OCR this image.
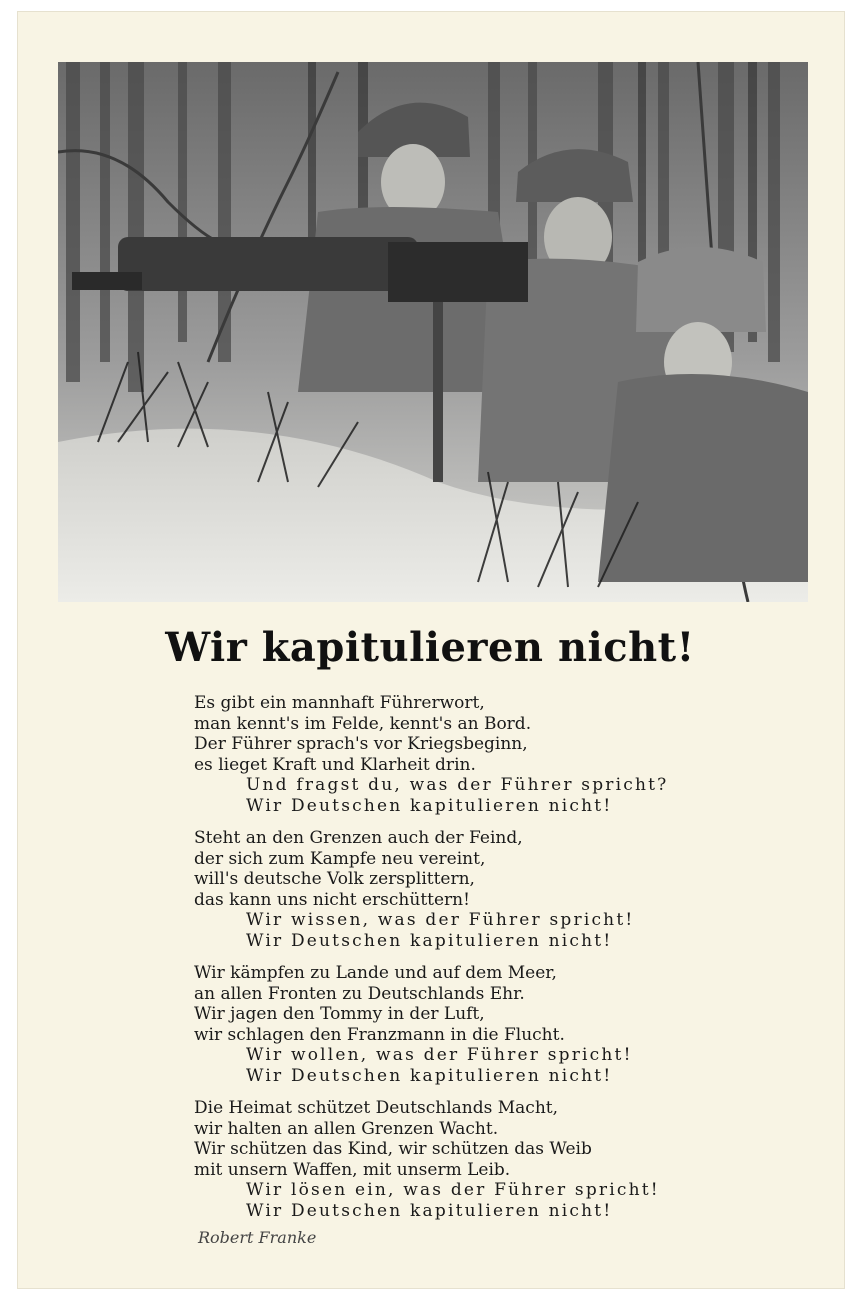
Wir kapitulieren nicht!
Es gibt ein mannhaft Führerwort,
man kennt's im Felde, kennt's an Bord.
Der Führer sprach's vor Kriegsbeginn,
es lieget Kraft und Klarheit drin.
Und fragst du, was der Führer spricht?
Wir Deutschen kapitulieren nicht!
Steht an den Grenzen auch der Feind,
der sich zum Kampfe neu vereint,
will's deutsche Volk zersplittern,
das kann uns nicht erschüttern!
Wir wissen, was der Führer spricht!
Wir Deutschen kapitulieren nicht!
Wir kämpfen zu Lande und auf dem Meer,
an allen Fronten zu Deutschlands Ehr.
Wir jagen den Tommy in der Luft,
wir schlagen den Franzmann in die Flucht.
Wir wollen, was der Führer spricht!
Wir Deutschen kapitulieren nicht!
Die Heimat schützet Deutschlands Macht,
wir halten an allen Grenzen Wacht.
Wir schützen das Kind, wir schützen das Weib
mit unsern Waffen, mit unserm Leib.
Wir lösen ein, was der Führer spricht!
Wir Deutschen kapitulieren nicht!
Robert Franke
